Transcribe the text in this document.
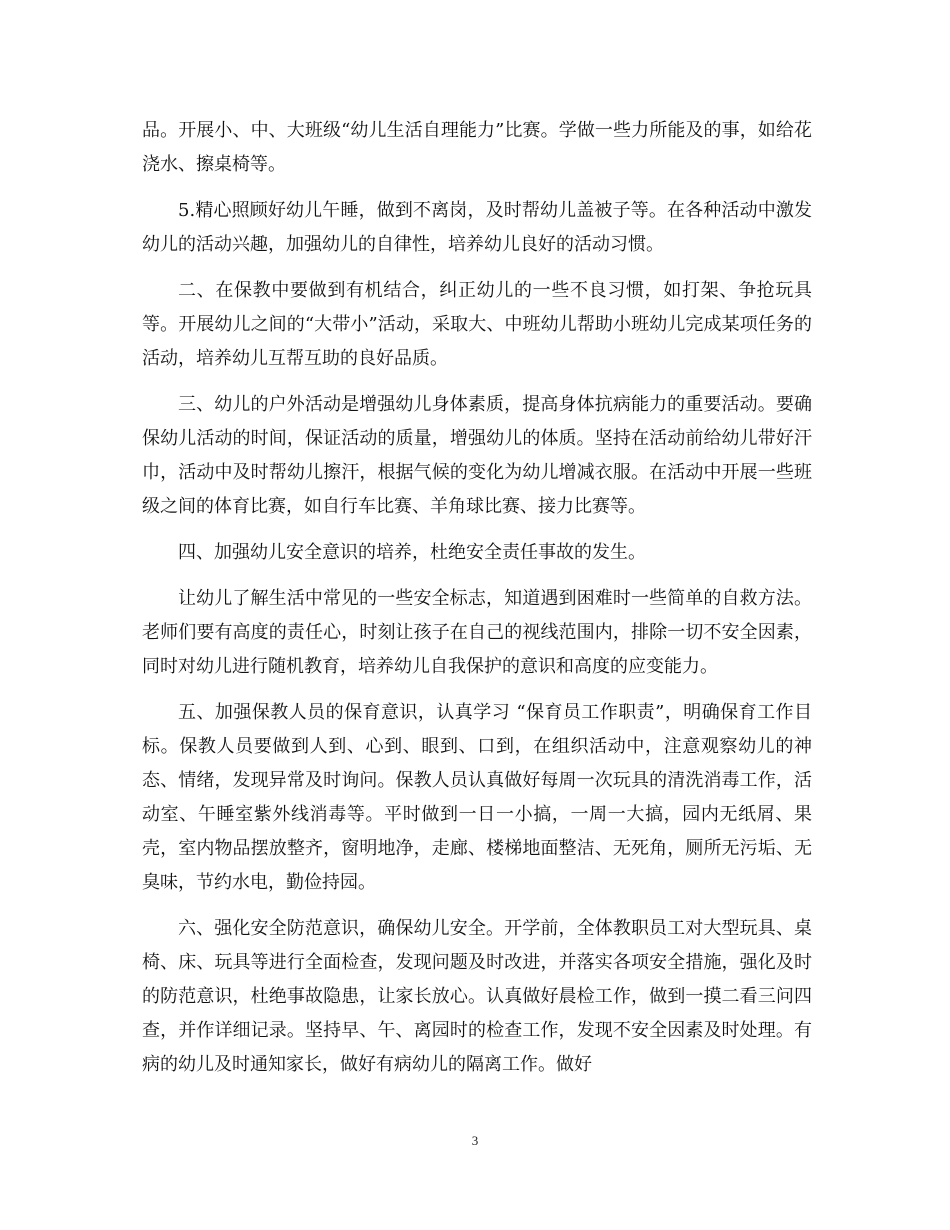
品。开展小、中、大班级“幼儿生活自理能力”比赛。学做一些力所能及的事，如给花浇水、擦桌椅等。

5.精心照顾好幼儿午睡，做到不离岗，及时帮幼儿盖被子等。在各种活动中激发幼儿的活动兴趣，加强幼儿的自律性，培养幼儿良好的活动习惯。

二、在保教中要做到有机结合，纠正幼儿的一些不良习惯，如打架、争抢玩具等。开展幼儿之间的“大带小”活动，采取大、中班幼儿帮助小班幼儿完成某项任务的活动，培养幼儿互帮互助的良好品质。

三、幼儿的户外活动是增强幼儿身体素质，提高身体抗病能力的重要活动。要确保幼儿活动的时间，保证活动的质量，增强幼儿的体质。坚持在活动前给幼儿带好汗巾，活动中及时帮幼儿擦汗，根据气候的变化为幼儿增减衣服。在活动中开展一些班级之间的体育比赛，如自行车比赛、羊角球比赛、接力比赛等。

四、加强幼儿安全意识的培养，杜绝安全责任事故的发生。

让幼儿了解生活中常见的一些安全标志，知道遇到困难时一些简单的自救方法。老师们要有高度的责任心，时刻让孩子在自己的视线范围内，排除一切不安全因素，同时对幼儿进行随机教育，培养幼儿自我保护的意识和高度的应变能力。

五、加强保教人员的保育意识，认真学习 “保育员工作职责”，明确保育工作目标。保教人员要做到人到、心到、眼到、口到，在组织活动中，注意观察幼儿的神态、情绪，发现异常及时询问。保教人员认真做好每周一次玩具的清洗消毒工作，活动室、午睡室紫外线消毒等。平时做到一日一小搞，一周一大搞，园内无纸屑、果壳，室内物品摆放整齐，窗明地净，走廊、楼梯地面整洁、无死角，厕所无污垢、无臭味，节约水电，勤俭持园。

六、强化安全防范意识，确保幼儿安全。开学前，全体教职员工对大型玩具、桌椅、床、玩具等进行全面检查，发现问题及时改进，并落实各项安全措施，强化及时的防范意识，杜绝事故隐患，让家长放心。认真做好晨检工作，做到一摸二看三问四查，并作详细记录。坚持早、午、离园时的检查工作，发现不安全因素及时处理。有病的幼儿及时通知家长，做好有病幼儿的隔离工作。做好

3
